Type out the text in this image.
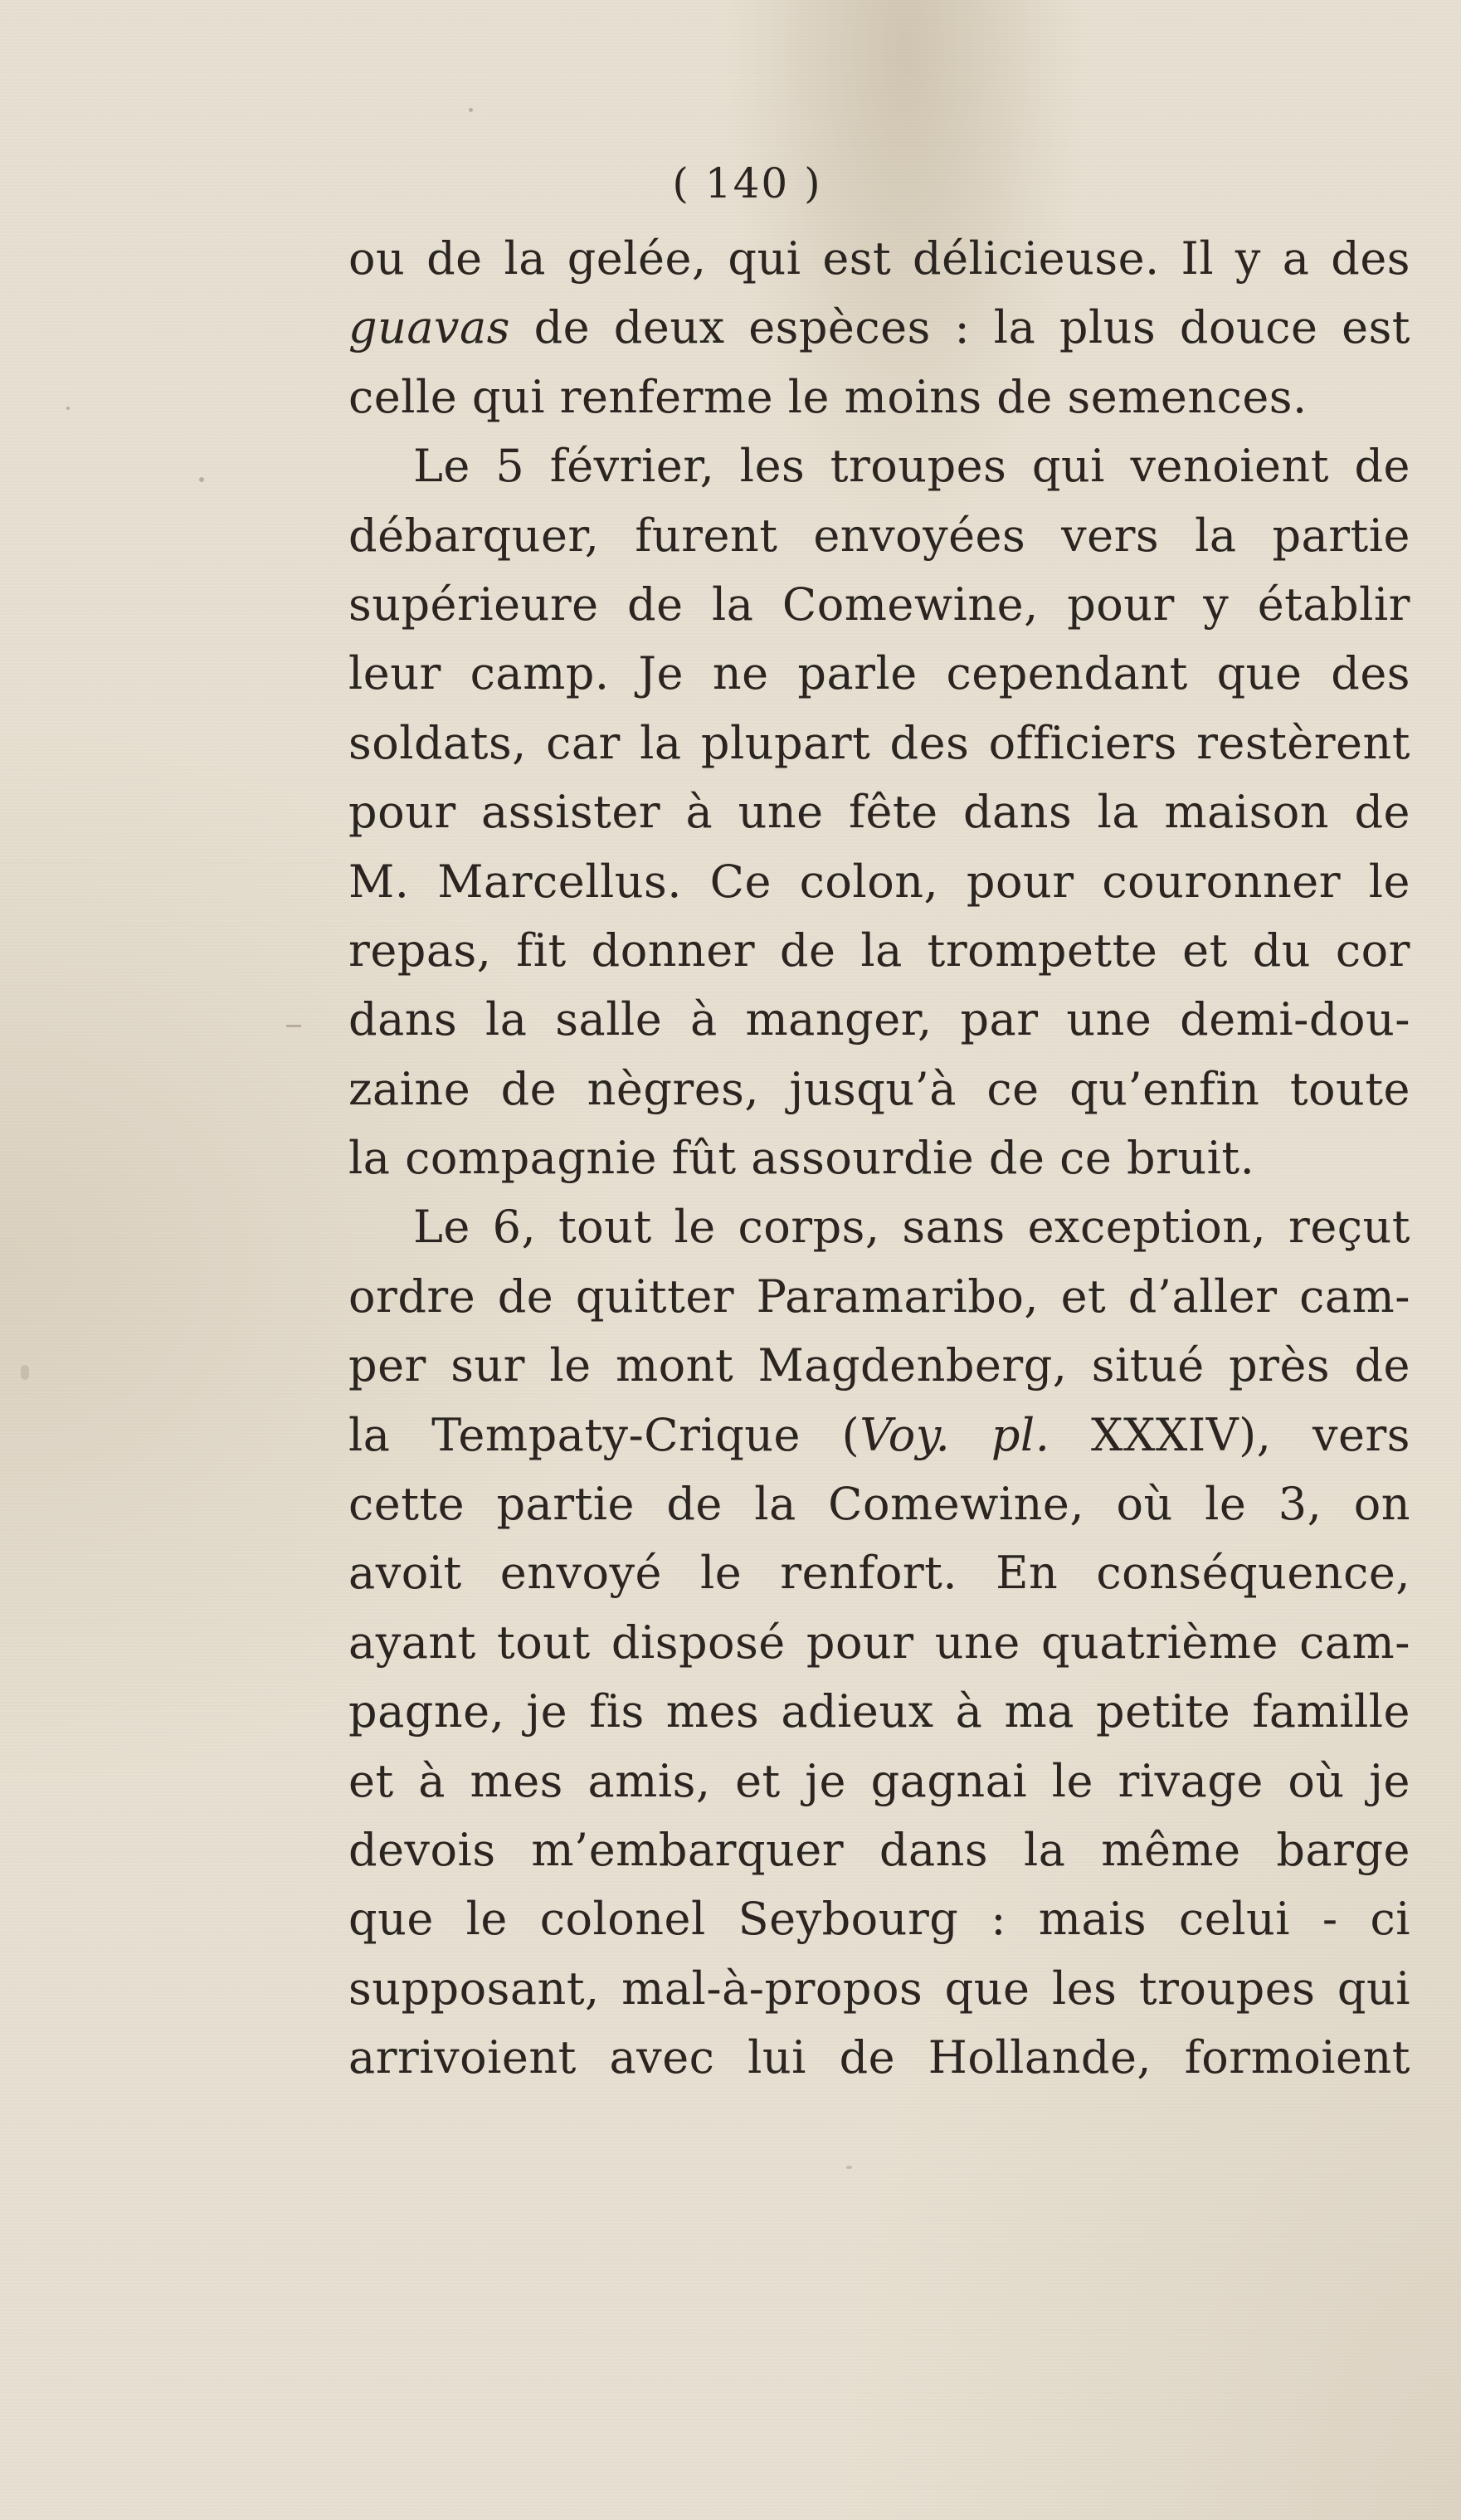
( 140 )
ou de la gelée, qui est délicieuse. Il y a des
guavas de deux espèces : la plus douce est
celle qui renferme le moins de semences.
Le 5 février, les troupes qui venoient de
débarquer, furent envoyées vers la partie
supérieure de la Comewine, pour y établir
leur camp. Je ne parle cependant que des
soldats, car la plupart des officiers restèrent
pour assister à une fête dans la maison de
M. Marcellus. Ce colon, pour couronner le
repas, fit donner de la trompette et du cor
dans la salle à manger, par une demi-dou-
zaine de nègres, jusqu’à ce qu’enfin toute
la compagnie fût assourdie de ce bruit.
Le 6, tout le corps, sans exception, reçut
ordre de quitter Paramaribo, et d’aller cam-
per sur le mont Magdenberg, situé près de
la Tempaty-Crique (Voy. pl. XXXIV), vers
cette partie de la Comewine, où le 3, on
avoit envoyé le renfort. En conséquence,
ayant tout disposé pour une quatrième cam-
pagne, je fis mes adieux à ma petite famille
et à mes amis, et je gagnai le rivage où je
devois m’embarquer dans la même barge
que le colonel Seybourg : mais celui - ci
supposant, mal-à-propos que les troupes qui
arrivoient avec lui de Hollande, formoient
